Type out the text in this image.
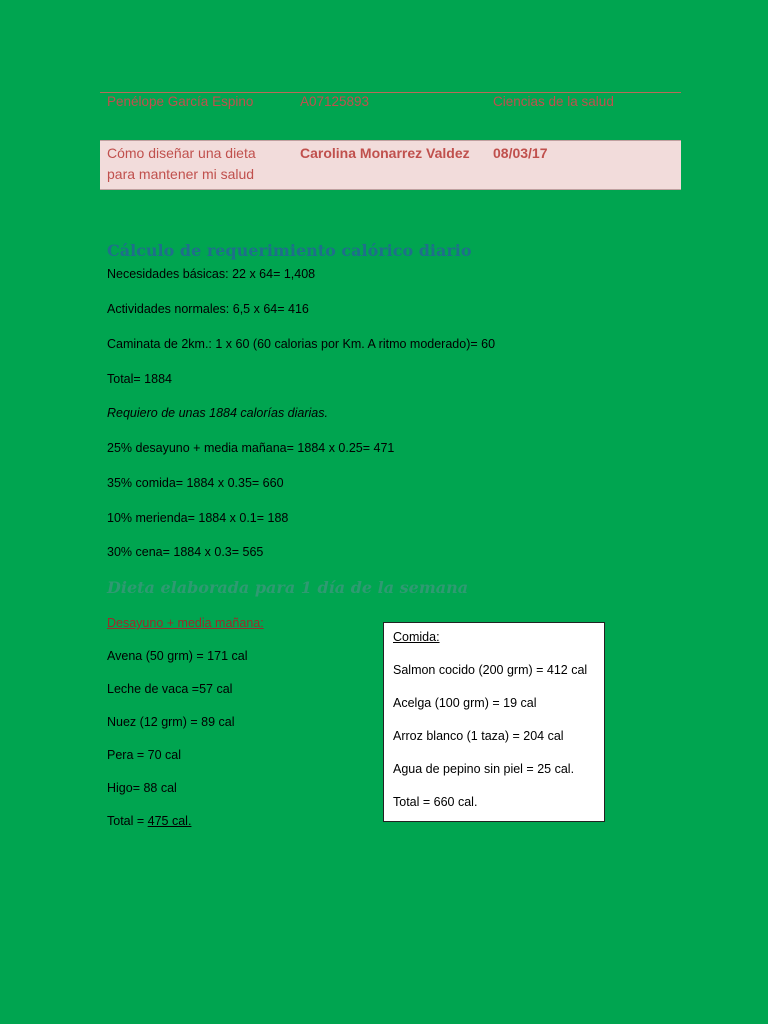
Penélope García Espino	A07125893	Ciencias de la salud
Cómo diseñar una dieta
para mantener mi salud
Carolina Monarrez Valdez 08/03/17
Cálculo de requerimiento calórico diario
Necesidades básicas: 22 x 64= 1,408
Actividades normales: 6,5 x 64= 416
Caminata de 2km.: 1 x 60 (60 calorias por Km. A ritmo moderado)= 60
Total= 1884
Requiero de unas 1884 calorías diarias.
25% desayuno + media mañana= 1884 x 0.25= 471
35% comida= 1884 x 0.35= 660
10% merienda= 1884 x 0.1= 188
30% cena= 1884 x 0.3= 565
Dieta elaborada para 1 día de la semana
Desayuno + media mañana:
Avena (50 grm) = 171 cal
Leche de vaca =57 cal
Nuez (12 grm) = 89 cal
Pera = 70 cal
Higo= 88 cal
Total = 475 cal.
Comida:
Salmon cocido (200 grm) = 412 cal
Acelga (100 grm) = 19 cal
Arroz blanco (1 taza) = 204 cal
Agua de pepino sin piel = 25 cal.
Total = 660 cal.
